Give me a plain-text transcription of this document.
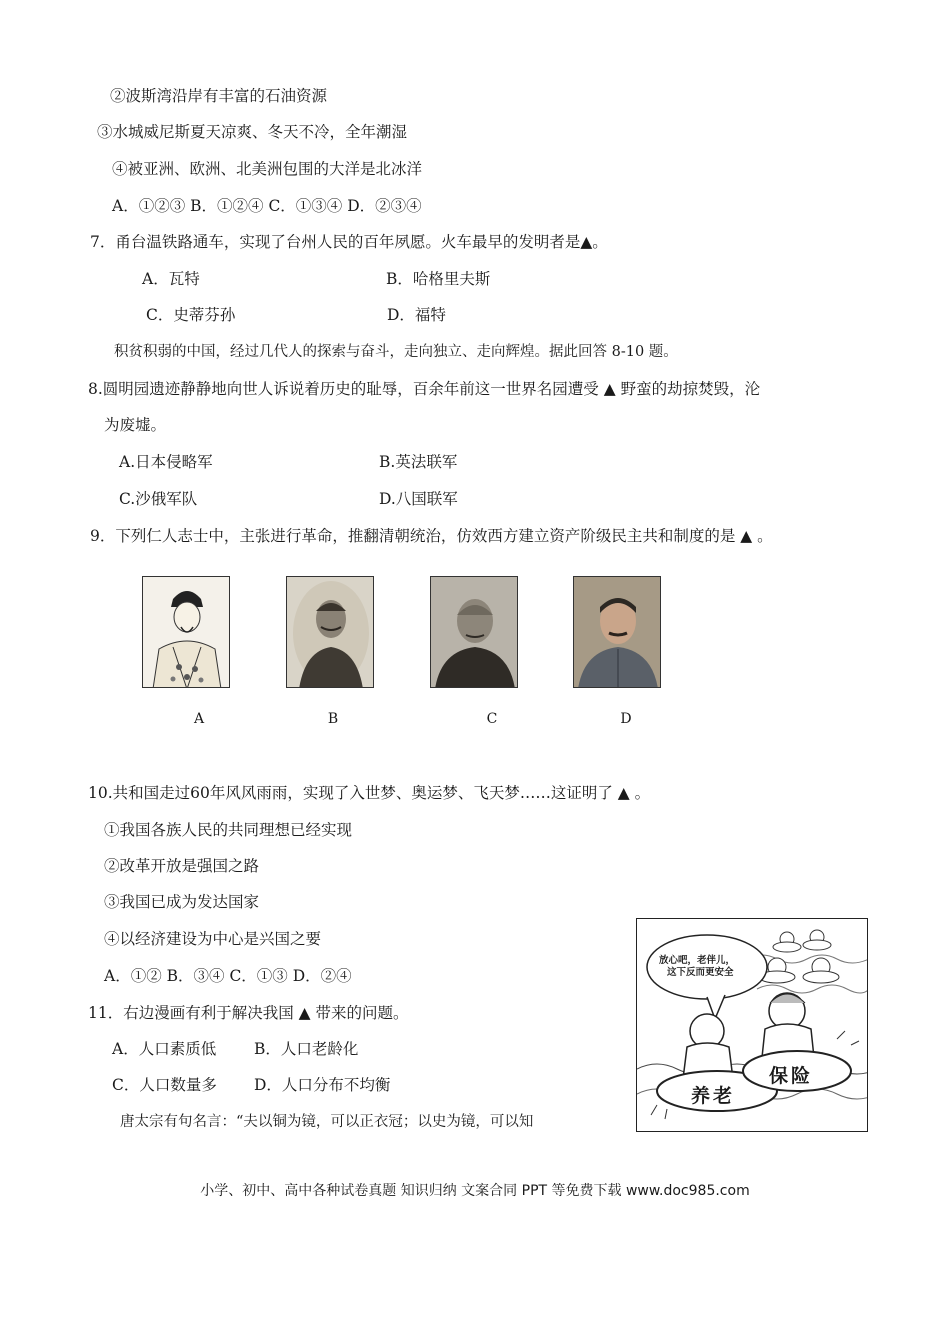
②波斯湾沿岸有丰富的石油资源
③水城威尼斯夏天凉爽、冬天不冷，全年潮湿
④被亚洲、欧洲、北美洲包围的大洋是北冰洋
A．①②③ B．①②④ C．①③④ D．②③④
7．甬台温铁路通车，实现了台州人民的百年夙愿。火车最早的发明者是▲。
A．瓦特	B．哈格里夫斯
C．史蒂芬孙	D．福特
积贫积弱的中国，经过几代人的探索与奋斗，走向独立、走向辉煌。据此回答 8-10 题。
8.圆明园遗迹静静地向世人诉说着历史的耻辱，百余年前这一世界名园遭受 ▲ 野蛮的劫掠焚毁，沦
为废墟。
A.日本侵略军	B.英法联军
C.沙俄军队	D.八国联军
9．下列仁人志士中，主张进行革命，推翻清朝统治，仿效西方建立资产阶级民主共和制度的是 ▲ 。
A	B	C	D
10.共和国走过60年风风雨雨，实现了入世梦、奥运梦、飞天梦……这证明了 ▲ 。
①我国各族人民的共同理想已经实现
②改革开放是强国之路
③我国已成为发达国家
④以经济建设为中心是兴国之要
A．①② B．③④ C．①③ D．②④
11．右边漫画有利于解决我国 ▲ 带来的问题。
A．人口素质低 B．人口老龄化
C．人口数量多 D．人口分布不均衡
唐太宗有句名言：“夫以铜为镜，可以正衣冠；以史为镜，可以知
放心吧，老伴儿，
这下反而更安全
养老
保险
小学、初中、高中各种试卷真题 知识归纳 文案合同 PPT 等免费下载 www.doc985.com
